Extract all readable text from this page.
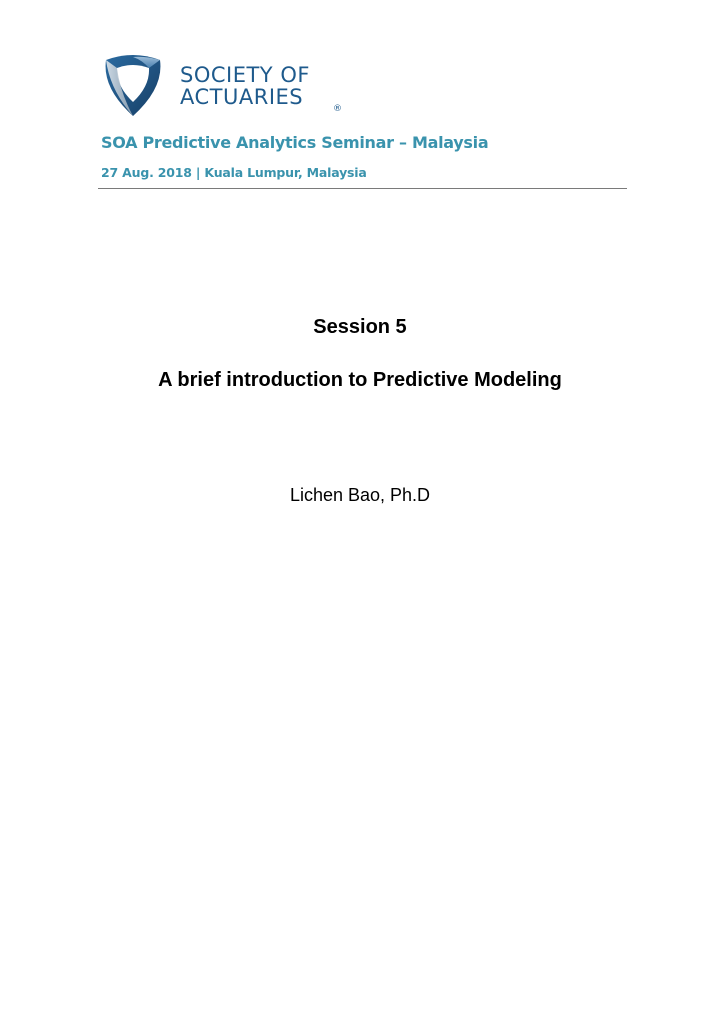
SOCIETY OF
ACTUARIES	®
SOA Predictive Analytics Seminar – Malaysia
27 Aug. 2018 | Kuala Lumpur, Malaysia
Session 5
A brief introduction to Predictive Modeling
Lichen Bao, Ph.D
